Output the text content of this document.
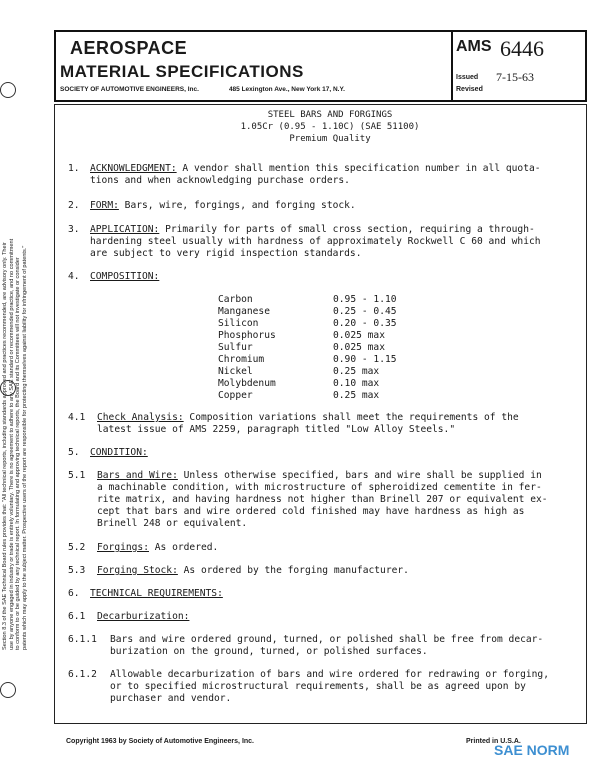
AEROSPACE
MATERIAL SPECIFICATIONS
SOCIETY OF AUTOMOTIVE ENGINEERS, Inc.	485 Lexington Ave., New York 17, N.Y.
AMS 6446
Issued
Revised
7-15-63
STEEL BARS AND FORGINGS
1.05Cr (0.95 - 1.10C) (SAE 51100)
Premium Quality
1. ACKNOWLEDGMENT: A vendor shall mention this specification number in all quota-
tions and when acknowledging purchase orders.
2. FORM: Bars, wire, forgings, and forging stock.
3. APPLICATION: Primarily for parts of small cross section, requiring a through-
hardening steel usually with hardness of approximately Rockwell C 60 and which
are subject to very rigid inspection standards.
4. COMPOSITION:
Carbon	0.95 - 1.10
Manganese	0.25 - 0.45
Silicon	0.20 - 0.35
Phosphorus	0.025 max
Sulfur	0.025 max
Chromium	0.90 - 1.15
Nickel	0.25 max
Molybdenum	0.10 max
Copper	0.25 max
4.1 Check Analysis: Composition variations shall meet the requirements of the
latest issue of AMS 2259, paragraph titled "Low Alloy Steels."
5. CONDITION:
5.1 Bars and Wire: Unless otherwise specified, bars and wire shall be supplied in
a machinable condition, with microstructure of spheroidized cementite in fer-
rite matrix, and having hardness not higher than Brinell 207 or equivalent ex-
cept that bars and wire ordered cold finished may have hardness as high as
Brinell 248 or equivalent.
5.2 Forgings: As ordered.
5.3 Forging Stock: As ordered by the forging manufacturer.
6. TECHNICAL REQUIREMENTS:
6.1 Decarburization:
6.1.1 Bars and wire ordered ground, turned, or polished shall be free from decar-
burization on the ground, turned, or polished surfaces.
6.1.2 Allowable decarburization of bars and wire ordered for redrawing or forging,
or to specified microstructural requirements, shall be as agreed upon by
purchaser and vendor.
Section 8.3 of the SAE Technical Board rules provides that: "All technical reports, including standards approved and practices recommended, are advisory only. Their use by anyone engaged in industry or trade is entirely voluntary. There is no agreement to adhere to any SAE standard or recommended practice, and no commitment to conform to or be guided by any technical report. In formulating and approving technical reports, the Board and its Committees will not investigate or consider patents which may apply to the subject matter. Prospective users of the report are responsible for protecting themselves against liability for infringement of patents."
Copyright 1963 by Society of Automotive Engineers, Inc.	Printed in U.S.A.
SAE NORM
